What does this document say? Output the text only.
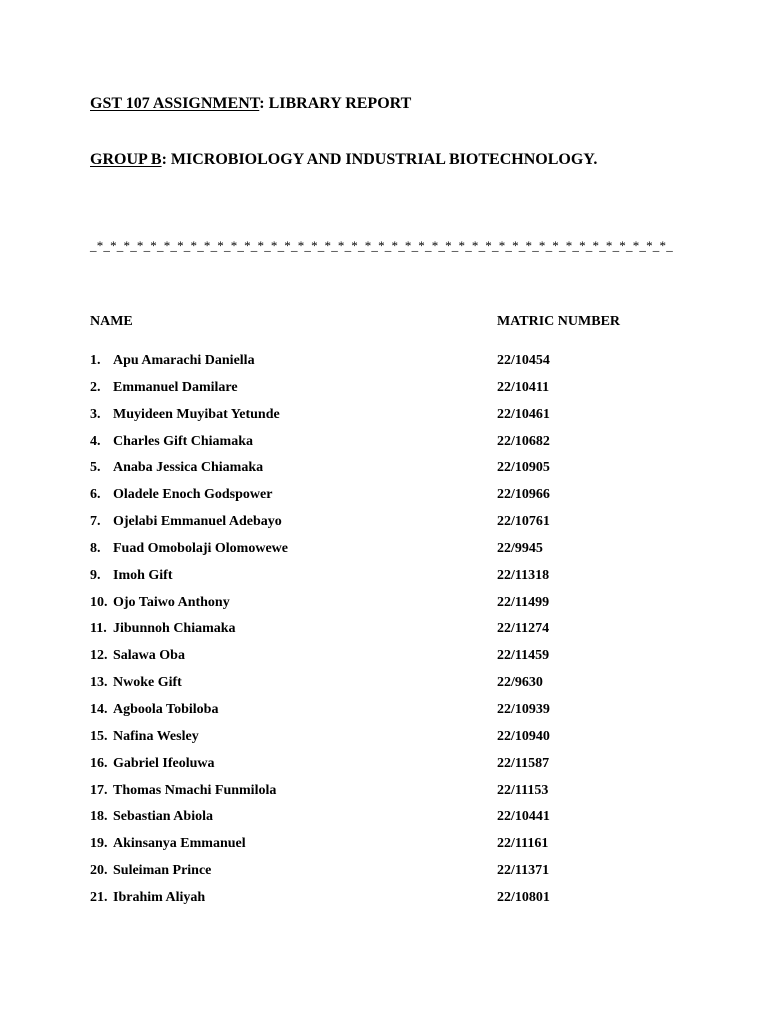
GST 107 ASSIGNMENT: LIBRARY REPORT
GROUP B: MICROBIOLOGY AND INDUSTRIAL BIOTECHNOLOGY.
_*_*_*_*_*_*_*_*_*_*_*_*_*_*_*_*_*_*_*_*_*_*_*_*_*_*_*_*_*_*_*_*_*_*_*_*_*_*_*_*_*_*_*_
NAME	MATRIC NUMBER
1. Apu Amarachi Daniella	22/10454
2. Emmanuel Damilare	22/10411
3. Muyideen Muyibat Yetunde	22/10461
4. Charles Gift Chiamaka	22/10682
5. Anaba Jessica Chiamaka	22/10905
6. Oladele Enoch Godspower	22/10966
7. Ojelabi Emmanuel Adebayo	22/10761
8. Fuad Omobolaji Olomowewe	22/9945
9. Imoh Gift	22/11318
10. Ojo Taiwo Anthony	22/11499
11. Jibunnoh Chiamaka	22/11274
12. Salawa Oba	22/11459
13. Nwoke Gift	22/9630
14. Agboola Tobiloba	22/10939
15. Nafina Wesley	22/10940
16. Gabriel Ifeoluwa	22/11587
17. Thomas Nmachi Funmilola	22/11153
18. Sebastian Abiola	22/10441
19. Akinsanya Emmanuel	22/11161
20. Suleiman Prince	22/11371
21. Ibrahim Aliyah	22/10801
